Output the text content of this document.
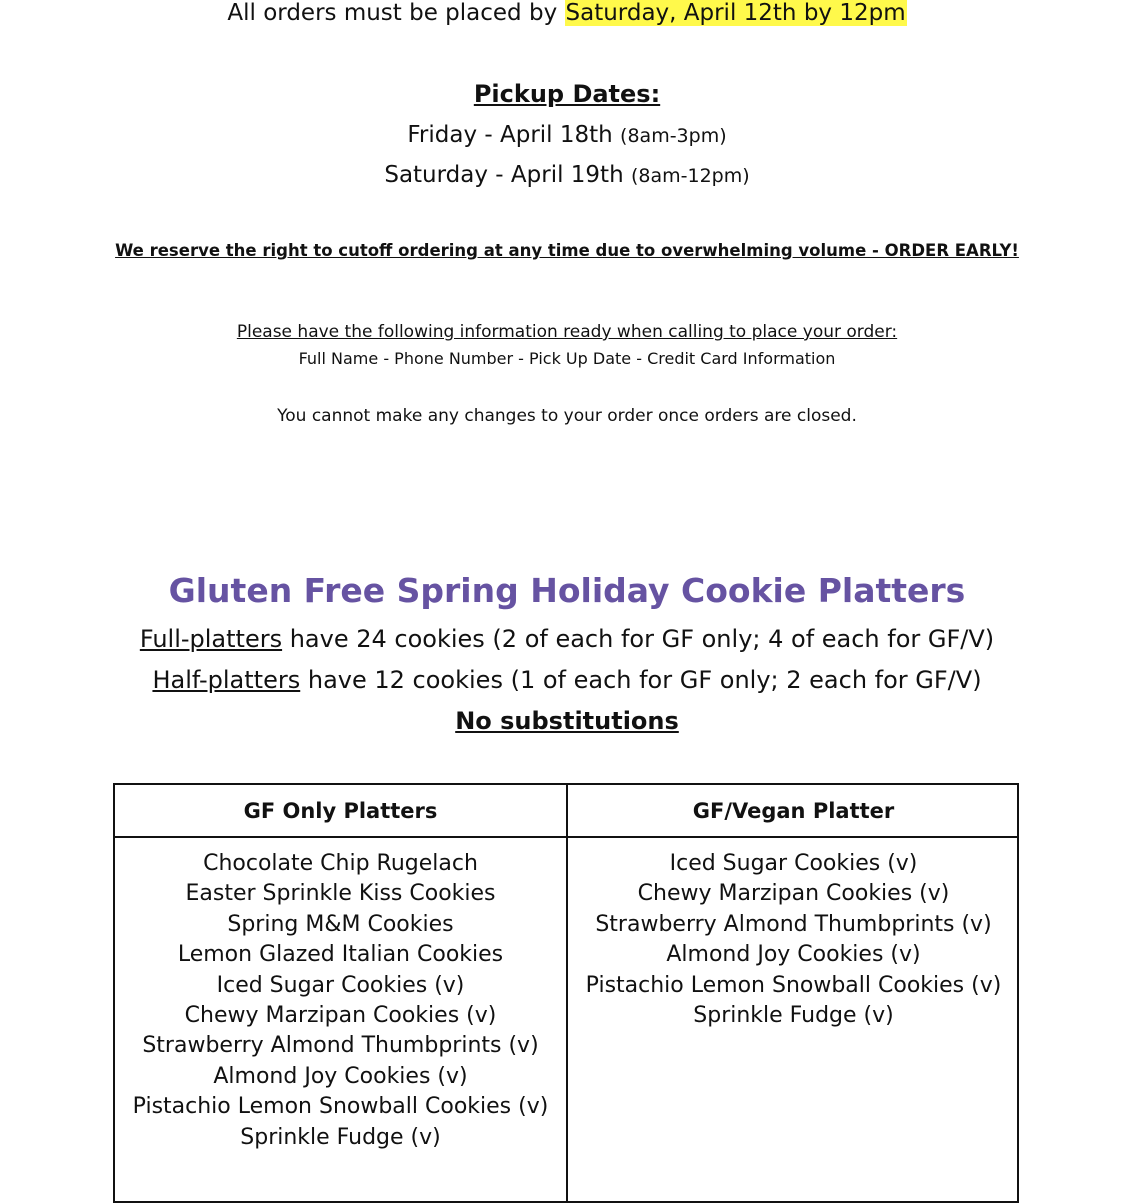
All orders must be placed by Saturday, April 12th by 12pm
Pickup Dates:
Friday - April 18th (8am-3pm)
Saturday - April 19th (8am-12pm)
We reserve the right to cutoff ordering at any time due to overwhelming volume - ORDER EARLY!
Please have the following information ready when calling to place your order:
Full Name - Phone Number - Pick Up Date - Credit Card Information
You cannot make any changes to your order once orders are closed.
Gluten Free Spring Holiday Cookie Platters
Full-platters have 24 cookies (2 of each for GF only; 4 of each for GF/V)
Half-platters have 12 cookies (1 of each for GF only; 2 each for GF/V)
No substitutions
GF Only Platters	GF/Vegan Platter
Chocolate Chip Rugelach
Easter Sprinkle Kiss Cookies
Spring M&M Cookies
Lemon Glazed Italian Cookies
Iced Sugar Cookies (v)
Chewy Marzipan Cookies (v)
Strawberry Almond Thumbprints (v)
Almond Joy Cookies (v)
Pistachio Lemon Snowball Cookies (v)
Sprinkle Fudge (v)
Iced Sugar Cookies (v)
Chewy Marzipan Cookies (v)
Strawberry Almond Thumbprints (v)
Almond Joy Cookies (v)
Pistachio Lemon Snowball Cookies (v)
Sprinkle Fudge (v)
